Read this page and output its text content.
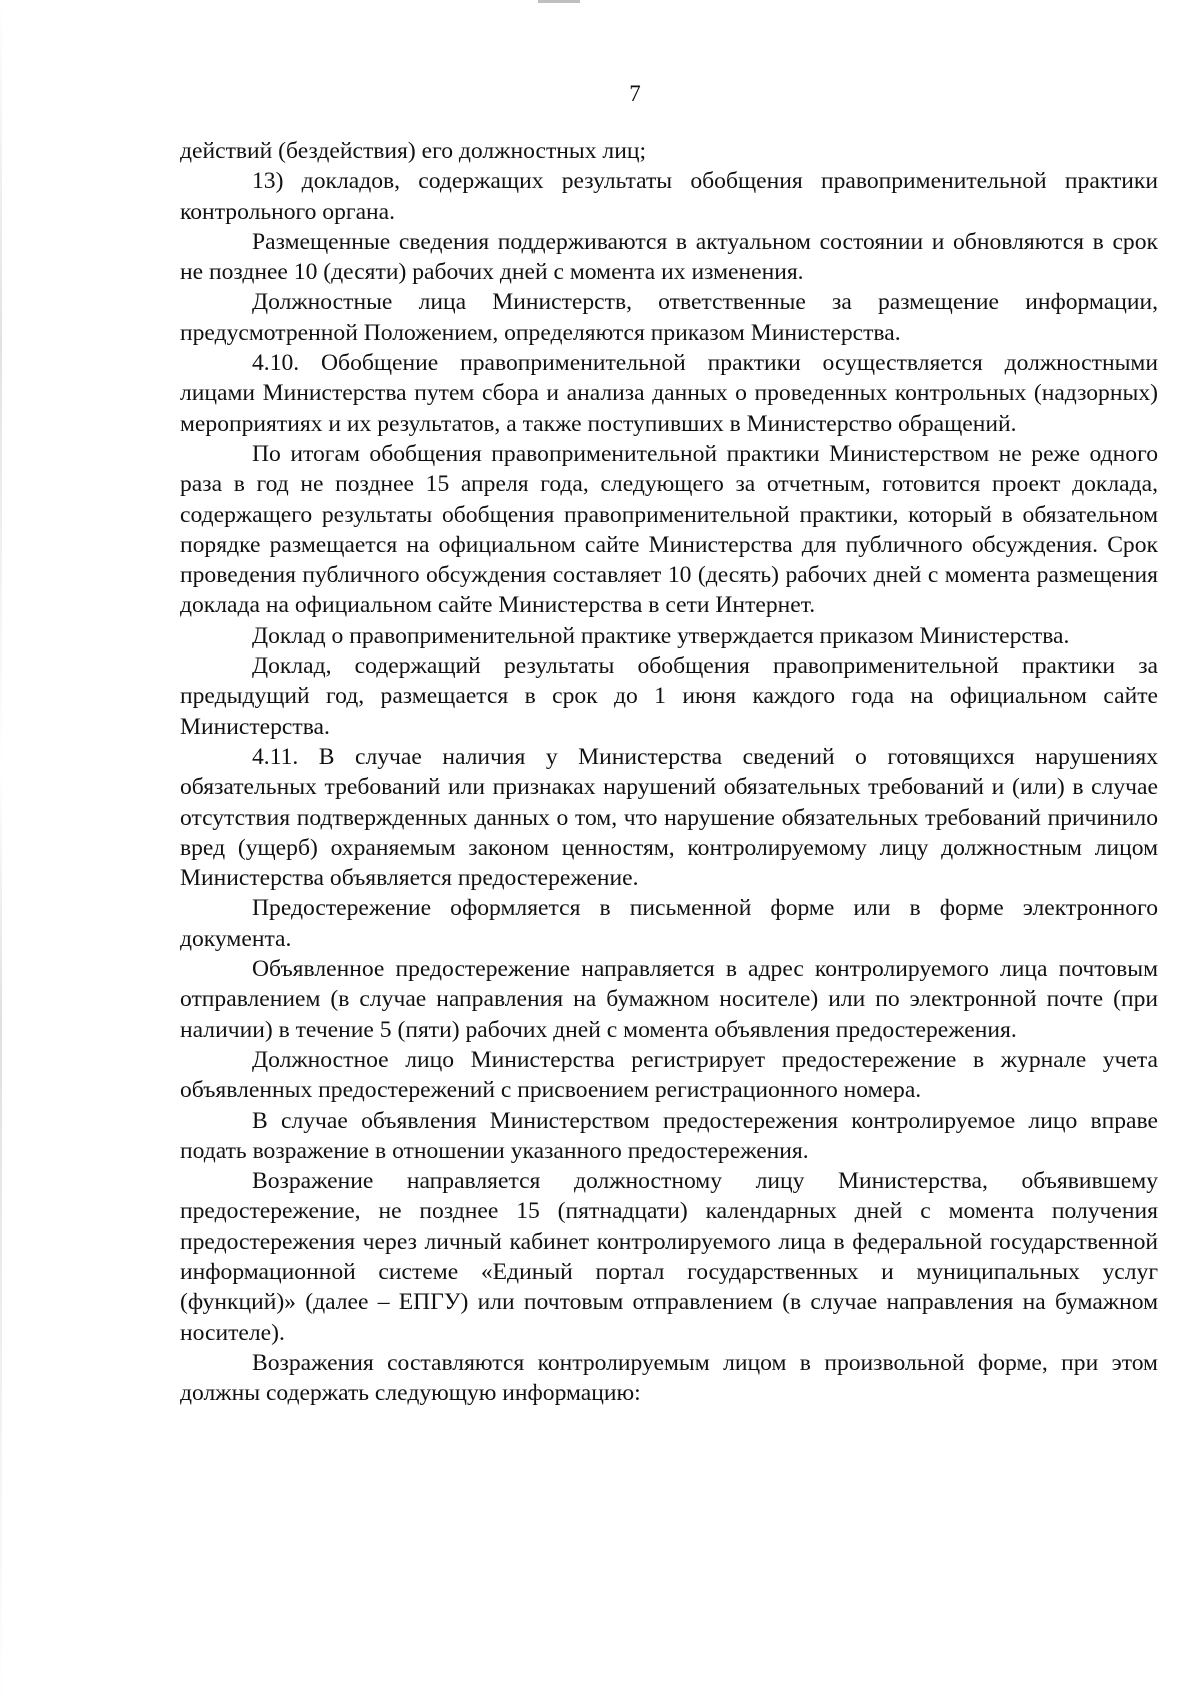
7

действий (бездействия) его должностных лиц;

13) докладов, содержащих результаты обобщения правоприменительной практики контрольного органа.

Размещенные сведения поддерживаются в актуальном состоянии и обновляются в срок не позднее 10 (десяти) рабочих дней с момента их изменения.

Должностные лица Министерств, ответственные за размещение информации, предусмотренной Положением, определяются приказом Министерства.

4.10. Обобщение правоприменительной практики осуществляется должностными лицами Министерства путем сбора и анализа данных о проведенных контрольных (надзорных) мероприятиях и их результатов, а также поступивших в Министерство обращений.

По итогам обобщения правоприменительной практики Министерством не реже одного раза в год не позднее 15 апреля года, следующего за отчетным, готовится проект доклада, содержащего результаты обобщения правоприменительной практики, который в обязательном порядке размещается на официальном сайте Министерства для публичного обсуждения. Срок проведения публичного обсуждения составляет 10 (десять) рабочих дней с момента размещения доклада на официальном сайте Министерства в сети Интернет.

Доклад о правоприменительной практике утверждается приказом Министерства.

Доклад, содержащий результаты обобщения правоприменительной практики за предыдущий год, размещается в срок до 1 июня каждого года на официальном сайте Министерства.

4.11. В случае наличия у Министерства сведений о готовящихся нарушениях обязательных требований или признаках нарушений обязательных требований и (или) в случае отсутствия подтвержденных данных о том, что нарушение обязательных требований причинило вред (ущерб) охраняемым законом ценностям, контролируемому лицу должностным лицом Министерства объявляется предостережение.

Предостережение оформляется в письменной форме или в форме электронного документа.

Объявленное предостережение направляется в адрес контролируемого лица почтовым отправлением (в случае направления на бумажном носителе) или по электронной почте (при наличии) в течение 5 (пяти) рабочих дней с момента объявления предостережения.

Должностное лицо Министерства регистрирует предостережение в журнале учета объявленных предостережений с присвоением регистрационного номера.

В случае объявления Министерством предостережения контролируемое лицо вправе подать возражение в отношении указанного предостережения.

Возражение направляется должностному лицу Министерства, объявившему предостережение, не позднее 15 (пятнадцати) календарных дней с момента получения предостережения через личный кабинет контролируемого лица в федеральной государственной информационной системе «Единый портал государственных и муниципальных услуг (функций)» (далее – ЕПГУ) или почтовым отправлением (в случае направления на бумажном носителе).

Возражения составляются контролируемым лицом в произвольной форме, при этом должны содержать следующую информацию:
